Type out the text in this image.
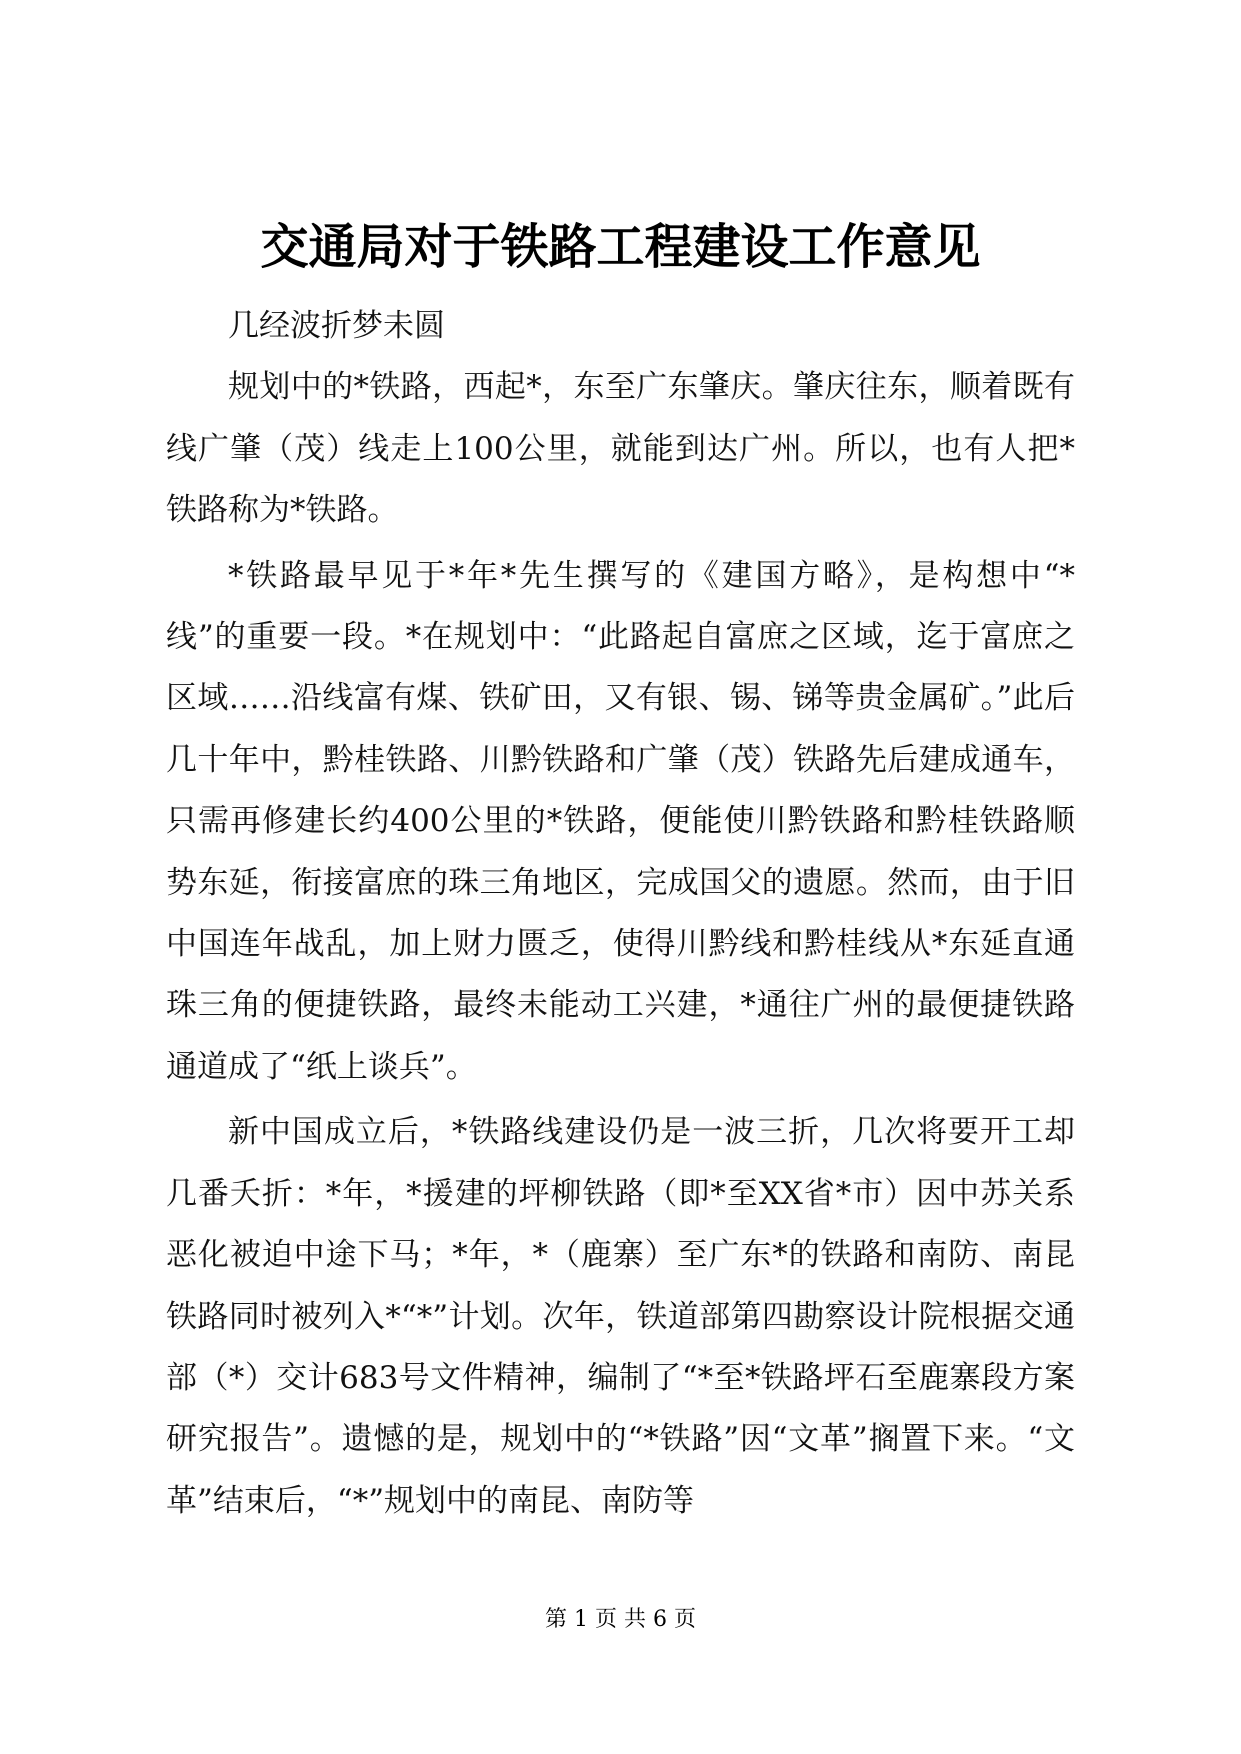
交通局对于铁路工程建设工作意见

几经波折梦未圆

规划中的*铁路，西起*，东至广东肇庆。肇庆往东，顺着既有线广肇（茂）线走上100公里，就能到达广州。所以，也有人把*铁路称为*铁路。

*铁路最早见于*年*先生撰写的《建国方略》，是构想中“*线”的重要一段。*在规划中：“此路起自富庶之区域，迄于富庶之区域……沿线富有煤、铁矿田，又有银、锡、锑等贵金属矿。”此后几十年中，黔桂铁路、川黔铁路和广肇（茂）铁路先后建成通车，只需再修建长约400公里的*铁路，便能使川黔铁路和黔桂铁路顺势东延，衔接富庶的珠三角地区，完成国父的遗愿。然而，由于旧中国连年战乱，加上财力匮乏，使得川黔线和黔桂线从*东延直通珠三角的便捷铁路，最终未能动工兴建，*通往广州的最便捷铁路通道成了“纸上谈兵”。

新中国成立后，*铁路线建设仍是一波三折，几次将要开工却几番夭折：*年，*援建的坪柳铁路（即*至XX省*市）因中苏关系恶化被迫中途下马；*年，*（鹿寨）至广东*的铁路和南防、南昆铁路同时被列入*“*”计划。次年，铁道部第四勘察设计院根据交通部（*）交计683号文件精神，编制了“*至*铁路坪石至鹿寨段方案研究报告”。遗憾的是，规划中的“*铁路”因“文革”搁置下来。“文革”结束后，“*”规划中的南昆、南防等

第 1 页 共 6 页
